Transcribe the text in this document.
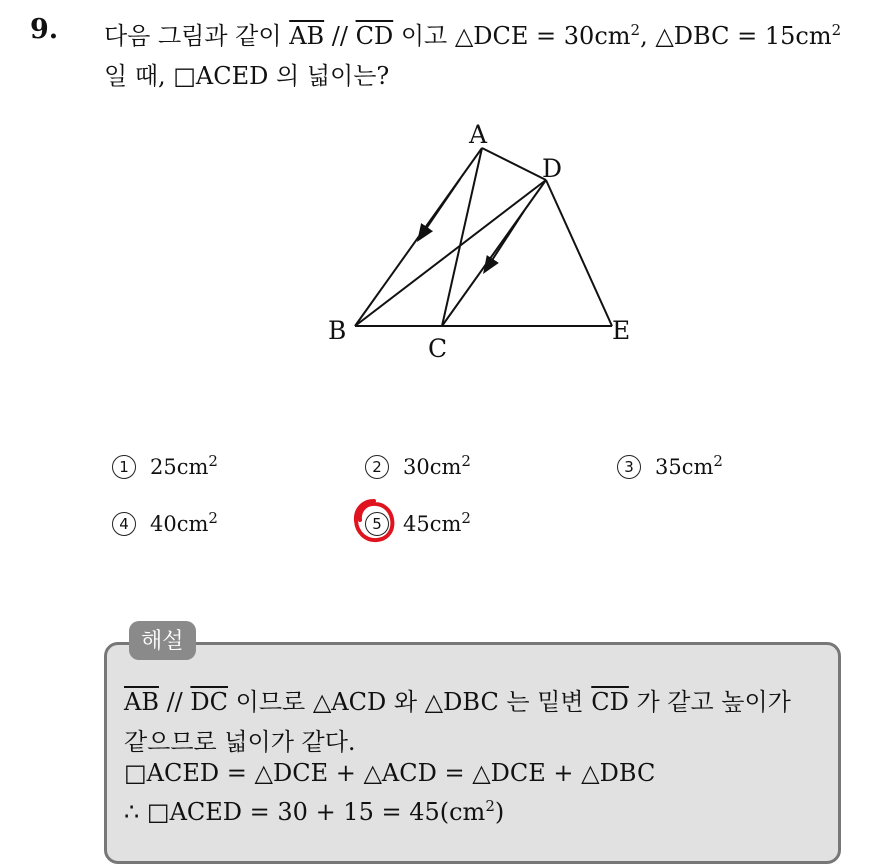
9. 다음 그림과 같이 $\overline{AB} // \overline{CD}$ 이고 △DCE = $30cm^2$, △DBC = $15cm^2$
일 때, □ACED 의 넓이는?
A
D
B
C
E
1 $25cm^2$	2 $30cm^2$	3 $35cm^2$
4 $40cm^2$	5 $45cm^2$
해설
$\overline{AB} // \overline{DC}$ 이므로 △ACD 와 △DBC 는 밑변 $\overline{CD}$ 가 같고 높이가
같으므로 넓이가 같다.
□ACED = △DCE + △ACD = △DCE + △DBC
∴ □ACED = $30 + 15 = 45(cm^2)$
